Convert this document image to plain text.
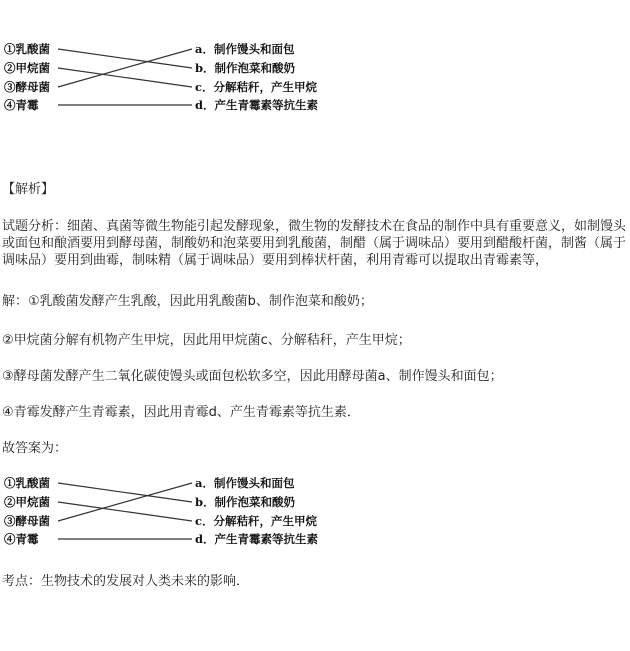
①乳酸菌
②甲烷菌
③酵母菌
④青霉
a．制作馒头和面包
b．制作泡菜和酸奶
c．分解秸秆，产生甲烷
d．产生青霉素等抗生素
【解析】
试题分析：细菌、真菌等微生物能引起发酵现象，微生物的发酵技术在食品的制作中具有重要意义，如制馒头或面包和酿酒要用到酵母菌，制酸奶和泡菜要用到乳酸菌，制醋（属于调味品）要用到醋酸杆菌，制酱（属于调味品）要用到曲霉，制味精（属于调味品）要用到棒状杆菌，利用青霉可以提取出青霉素等，
解：①乳酸菌发酵产生乳酸，因此用乳酸菌b、制作泡菜和酸奶；
②甲烷菌分解有机物产生甲烷，因此用甲烷菌c、分解秸秆，产生甲烷；
③酵母菌发酵产生二氧化碳使馒头或面包松软多空，因此用酵母菌a、制作馒头和面包；
④青霉发酵产生青霉素，因此用青霉d、产生青霉素等抗生素．
故答案为：
①乳酸菌
②甲烷菌
③酵母菌
④青霉
a．制作馒头和面包
b．制作泡菜和酸奶
c．分解秸秆，产生甲烷
d．产生青霉素等抗生素
考点：生物技术的发展对人类未来的影响．
